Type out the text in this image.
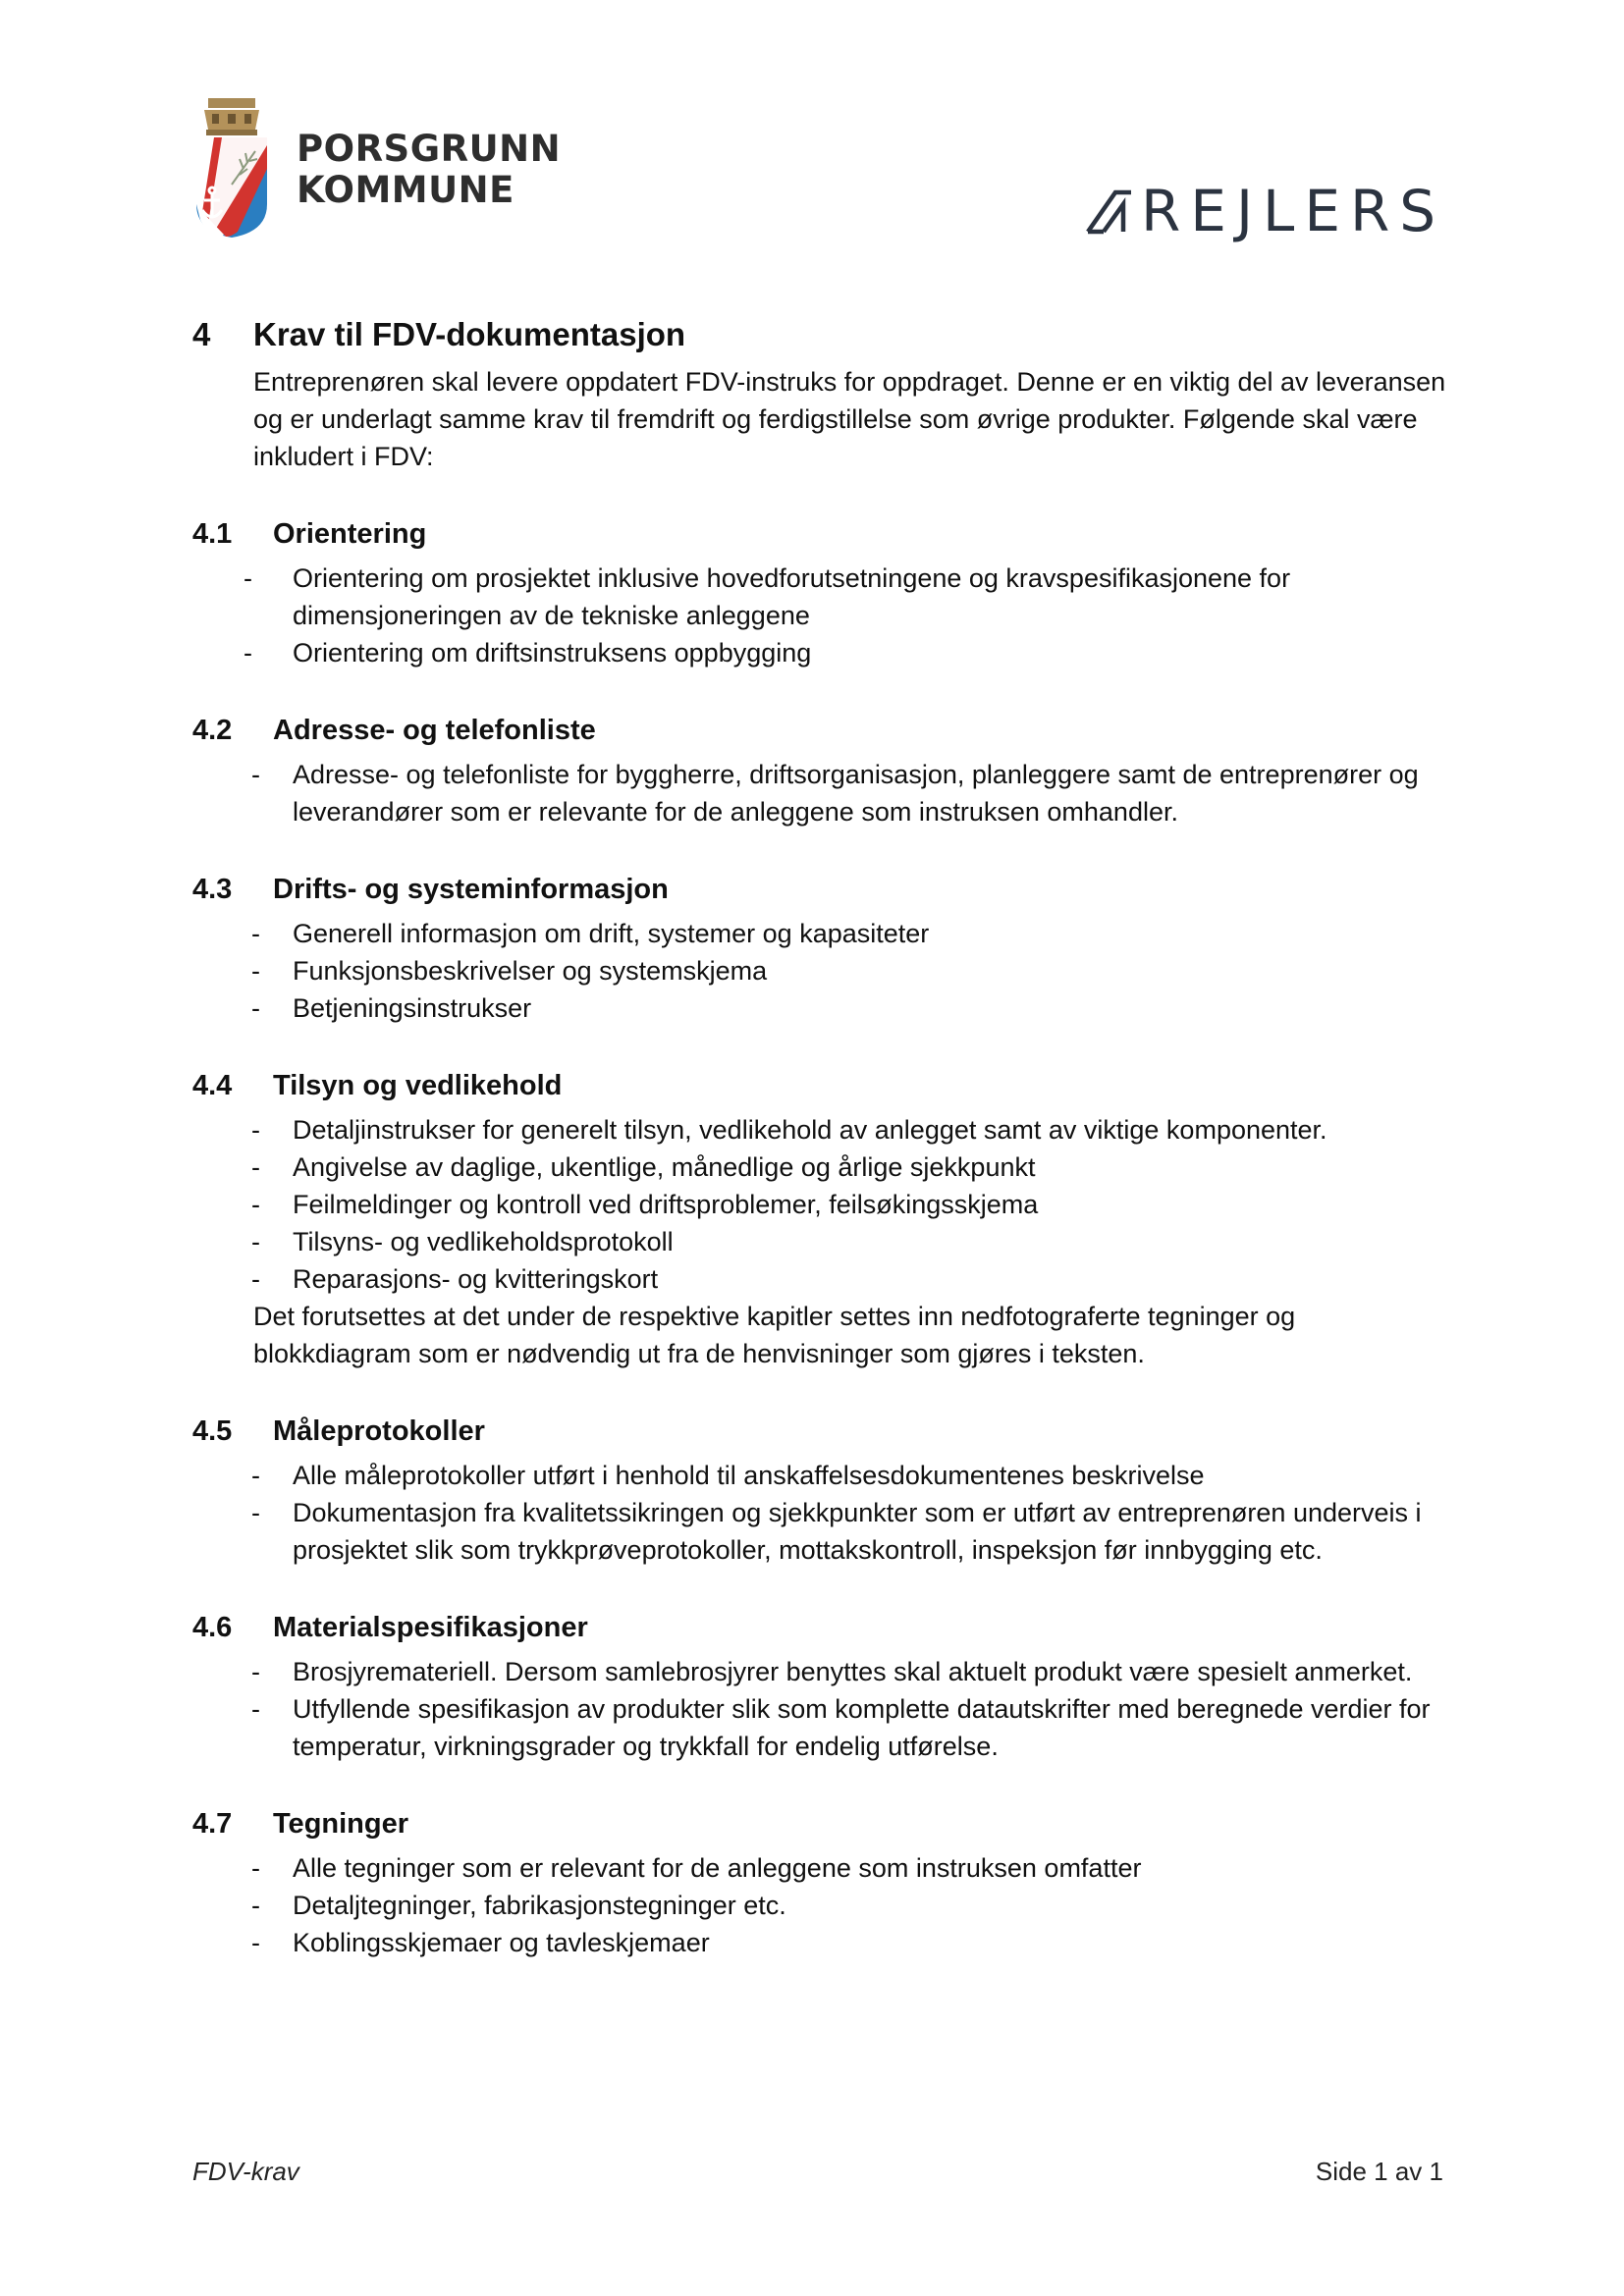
PORSGRUNN
KOMMUNE	REJLERS
4	Krav til FDV-dokumentasjon
Entreprenøren skal levere oppdatert FDV-instruks for oppdraget. Denne er en viktig del av leveransen og er underlagt samme krav til fremdrift og ferdigstillelse som øvrige produkter. Følgende skal være inkludert i FDV:
4.1	Orientering
- Orientering om prosjektet inklusive hovedforutsetningene og kravspesifikasjonene for dimensjoneringen av de tekniske anleggene
- Orientering om driftsinstruksens oppbygging
4.2	Adresse- og telefonliste
- Adresse- og telefonliste for byggherre, driftsorganisasjon, planleggere samt de entreprenører og leverandører som er relevante for de anleggene som instruksen omhandler.
4.3	Drifts- og systeminformasjon
- Generell informasjon om drift, systemer og kapasiteter
- Funksjonsbeskrivelser og systemskjema
- Betjeningsinstrukser
4.4	Tilsyn og vedlikehold
- Detaljinstrukser for generelt tilsyn, vedlikehold av anlegget samt av viktige komponenter.
- Angivelse av daglige, ukentlige, månedlige og årlige sjekkpunkt
- Feilmeldinger og kontroll ved driftsproblemer, feilsøkingsskjema
- Tilsyns- og vedlikeholdsprotokoll
- Reparasjons- og kvitteringskort
Det forutsettes at det under de respektive kapitler settes inn nedfotograferte tegninger og blokkdiagram som er nødvendig ut fra de henvisninger som gjøres i teksten.
4.5	Måleprotokoller
- Alle måleprotokoller utført i henhold til anskaffelsesdokumentenes beskrivelse
- Dokumentasjon fra kvalitetssikringen og sjekkpunkter som er utført av entreprenøren underveis i prosjektet slik som trykkprøveprotokoller, mottakskontroll, inspeksjon før innbygging etc.
4.6	Materialspesifikasjoner
- Brosjyremateriell. Dersom samlebrosjyrer benyttes skal aktuelt produkt være spesielt anmerket.
- Utfyllende spesifikasjon av produkter slik som komplette datautskrifter med beregnede verdier for temperatur, virkningsgrader og trykkfall for endelig utførelse.
4.7	Tegninger
- Alle tegninger som er relevant for de anleggene som instruksen omfatter
- Detaljtegninger, fabrikasjonstegninger etc.
- Koblingsskjemaer og tavleskjemaer
FDV-krav	Side 1 av 1
